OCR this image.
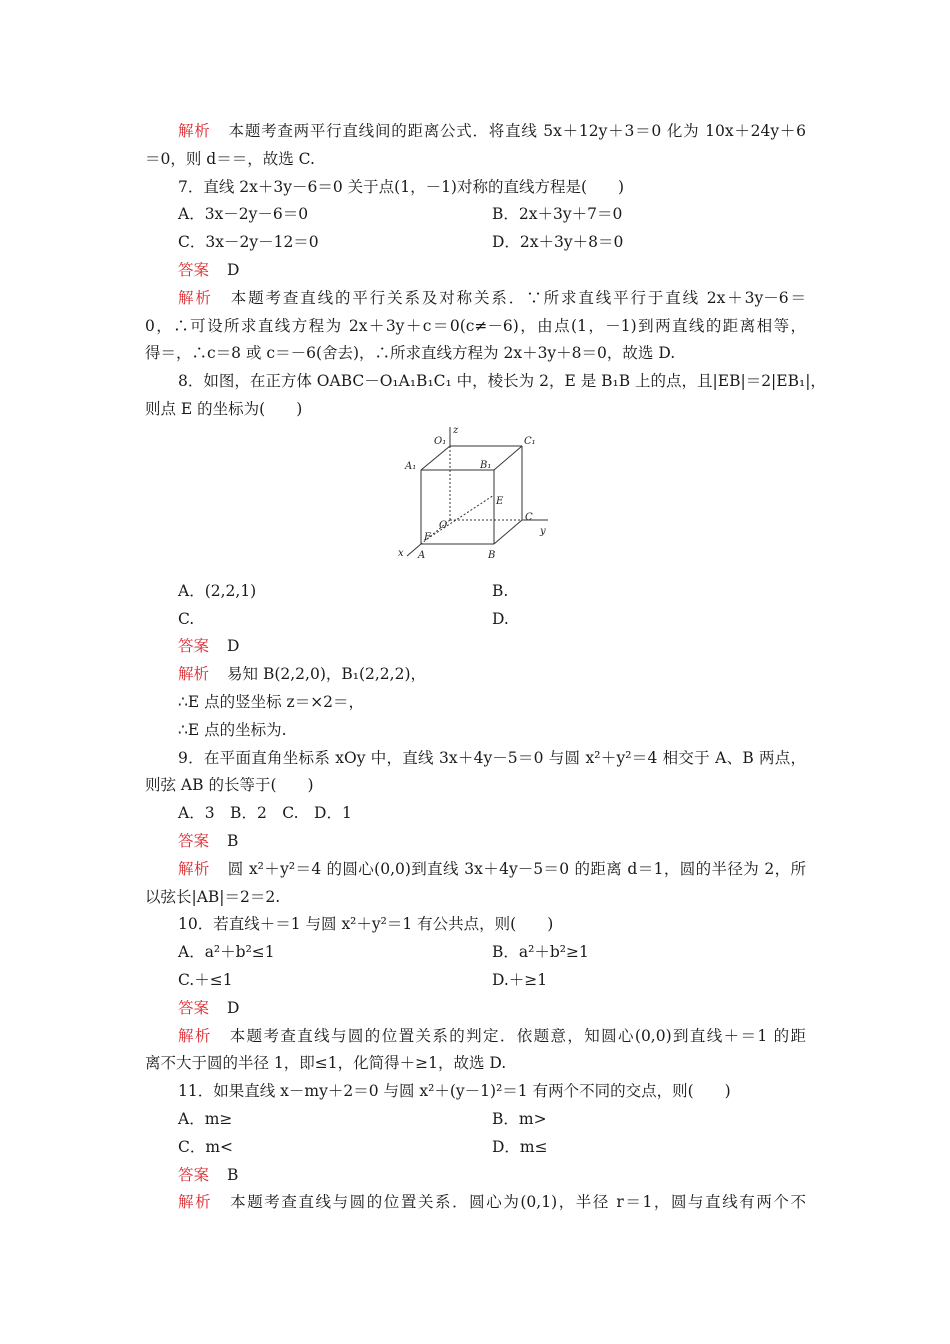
解析 本题考查两平行直线间的距离公式．将直线 5x＋12y＋3＝0 化为 10x＋24y＋6
＝0，则 d＝＝，故选 C.
7．直线 2x＋3y－6＝0 关于点(1，－1)对称的直线方程是(　　)
A．3x－2y－6＝0	B．2x＋3y＋7＝0
C．3x－2y－12＝0	D．2x＋3y＋8＝0
答案 D
解析 本题考查直线的平行关系及对称关系．∵所求直线平行于直线 2x＋3y－6＝
0，∴可设所求直线方程为 2x＋3y＋c＝0(c≠－6)，由点(1，－1)到两直线的距离相等，
得＝，∴c＝8 或 c＝－6(舍去)，∴所求直线方程为 2x＋3y＋8＝0，故选 D.
8．如图，在正方体 OABC－O₁A₁B₁C₁ 中，棱长为 2，E 是 B₁B 上的点，且|EB|＝2|EB₁|，
则点 E 的坐标为(　　)
z
y
x
O₁	C₁
A₁	B₁
E
O
C
F
A	B
A．(2,2,1)	B.
C.	D.
答案 D
解析 易知 B(2,2,0)，B₁(2,2,2)，
∴E 点的竖坐标 z＝×2＝，
∴E 点的坐标为.
9．在平面直角坐标系 xOy 中，直线 3x＋4y－5＝0 与圆 x²＋y²＝4 相交于 A、B 两点，
则弦 AB 的长等于(　　)
A．3　B．2　C.　D．1
答案 B
解析 圆 x²＋y²＝4 的圆心(0,0)到直线 3x＋4y－5＝0 的距离 d＝1，圆的半径为 2，所
以弦长|AB|＝2＝2.
10．若直线＋＝1 与圆 x²＋y²＝1 有公共点，则(　　)
A．a²＋b²≤1	B．a²＋b²≥1
C.＋≤1	D.＋≥1
答案 D
解析 本题考查直线与圆的位置关系的判定．依题意，知圆心(0,0)到直线＋＝1 的距
离不大于圆的半径 1，即≤1，化简得＋≥1，故选 D.
11．如果直线 x－my＋2＝0 与圆 x²＋(y－1)²＝1 有两个不同的交点，则(　　)
A．m≥	B．m>
C．m<	D．m≤
答案 B
解析 本题考查直线与圆的位置关系．圆心为(0,1)，半径 r＝1，圆与直线有两个不
